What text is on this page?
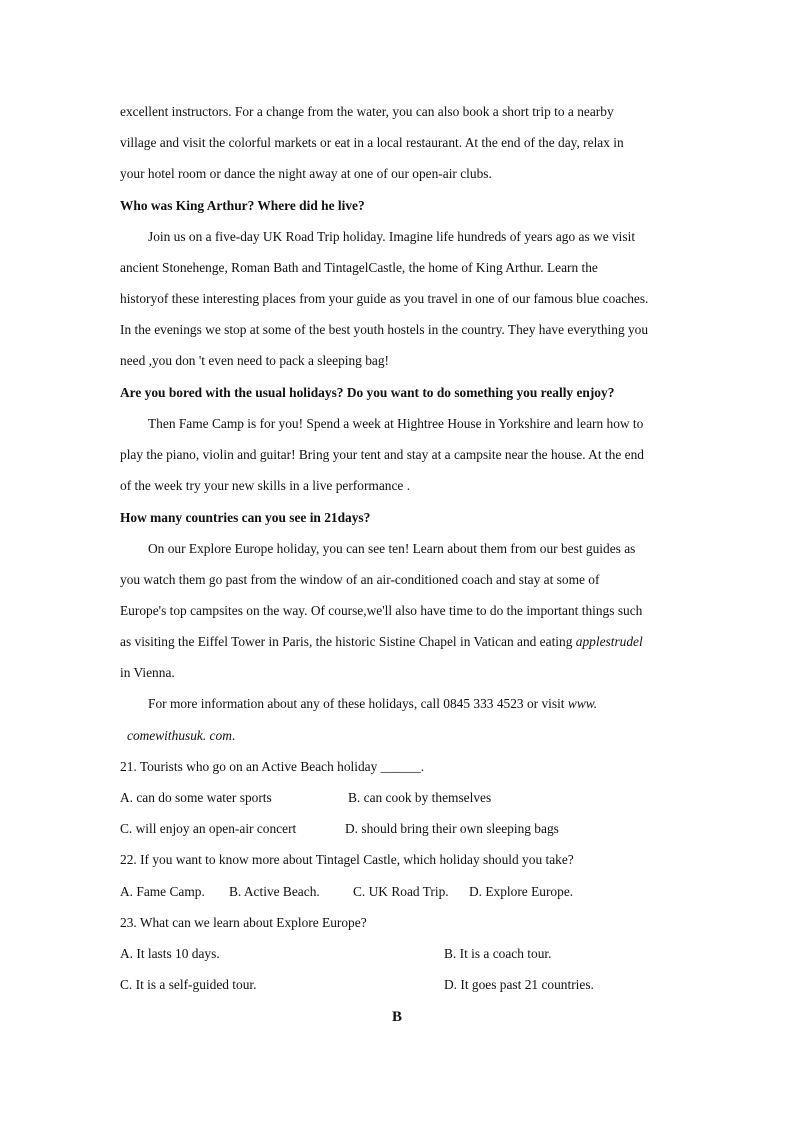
excellent instructors. For a change from the water, you can also book a short trip to a nearby
village and visit the colorful markets or eat in a local restaurant. At the end of the day, relax in
your hotel room or dance the night away at one of our open-air clubs.
Who was King Arthur? Where did he live?
Join us on a five-day UK Road Trip holiday. Imagine life hundreds of years ago as we visit
ancient Stonehenge, Roman Bath and TintagelCastle, the home of King Arthur. Learn the
historyof these interesting places from your guide as you travel in one of our famous blue coaches.
In the evenings we stop at some of the best youth hostels in the country. They have everything you
need ,you don 't even need to pack a sleeping bag!
Are you bored with the usual holidays? Do you want to do something you really enjoy?
Then Fame Camp is for you! Spend a week at Hightree House in Yorkshire and learn how to
play the piano, violin and guitar! Bring your tent and stay at a campsite near the house. At the end
of the week try your new skills in a live performance .
How many countries can you see in 21days?
On our Explore Europe holiday, you can see ten! Learn about them from our best guides as
you watch them go past from the window of an air-conditioned coach and stay at some of
Europe's top campsites on the way. Of course,we'll also have time to do the important things such
as visiting the Eiffel Tower in Paris, the historic Sistine Chapel in Vatican and eating applestrudel
in Vienna.
For more information about any of these holidays, call 0845 333 4523 or visit www.
comewithusuk. com.
21. Tourists who go on an Active Beach holiday ______.
A. can do some water sports	B. can cook by themselves
C. will enjoy an open-air concert	D. should bring their own sleeping bags
22. If you want to know more about Tintagel Castle, which holiday should you take?
A. Fame Camp. B. Active Beach. C. UK Road Trip. D. Explore Europe.
23. What can we learn about Explore Europe?
A. It lasts 10 days.	B. It is a coach tour.
C. It is a self-guided tour.	D. It goes past 21 countries.
B
